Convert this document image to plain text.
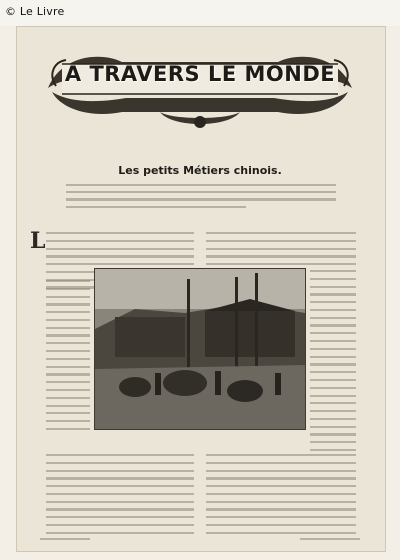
© Le Livre
A TRAVERS LE MONDE
Les petits Métiers chinois.
L
